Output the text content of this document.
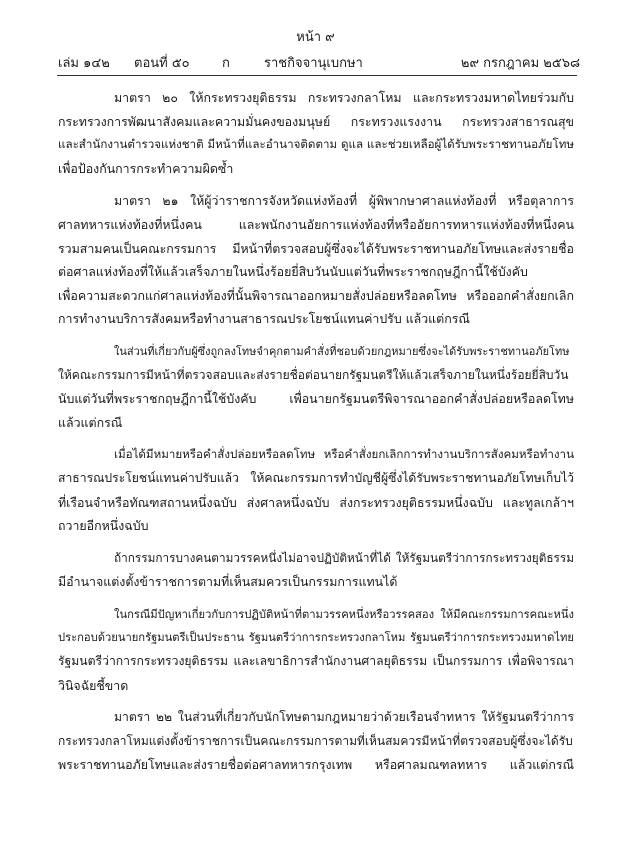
หน้า ๙
เล่ม ๑๔๒ ตอนที่ ๕๐ ก	ราชกิจจานุเบกษา	๒๙ กรกฎาคม ๒๕๖๘

มาตรา ๒๐ ให้กระทรวงยุติธรรม กระทรวงกลาโหม และกระทรวงมหาดไทยร่วมกับ
กระทรวงการพัฒนาสังคมและความมั่นคงของมนุษย์ กระทรวงแรงงาน กระทรวงสาธารณสุข
และสำนักงานตำรวจแห่งชาติ มีหน้าที่และอำนาจติดตาม ดูแล และช่วยเหลือผู้ได้รับพระราชทานอภัยโทษ
เพื่อป้องกันการกระทำความผิดซ้ำ

มาตรา ๒๑ ให้ผู้ว่าราชการจังหวัดแห่งท้องที่ ผู้พิพากษาศาลแห่งท้องที่ หรือตุลาการ
ศาลทหารแห่งท้องที่หนึ่งคน และพนักงานอัยการแห่งท้องที่หรืออัยการทหารแห่งท้องที่หนึ่งคน
รวมสามคนเป็นคณะกรรมการ มีหน้าที่ตรวจสอบผู้ซึ่งจะได้รับพระราชทานอภัยโทษและส่งรายชื่อ
ต่อศาลแห่งท้องที่ให้แล้วเสร็จภายในหนึ่งร้อยยี่สิบวันนับแต่วันที่พระราชกฤษฎีกานี้ใช้บังคับ
เพื่อความสะดวกแก่ศาลแห่งท้องที่นั้นพิจารณาออกหมายสั่งปล่อยหรือลดโทษ หรือออกคำสั่งยกเลิก
การทำงานบริการสังคมหรือทำงานสาธารณประโยชน์แทนค่าปรับ แล้วแต่กรณี

ในส่วนที่เกี่ยวกับผู้ซึ่งถูกลงโทษจำคุกตามคำสั่งที่ชอบด้วยกฎหมายซึ่งจะได้รับพระราชทานอภัยโทษ
ให้คณะกรรมการมีหน้าที่ตรวจสอบและส่งรายชื่อต่อนายกรัฐมนตรีให้แล้วเสร็จภายในหนึ่งร้อยยี่สิบวัน
นับแต่วันที่พระราชกฤษฎีกานี้ใช้บังคับ เพื่อนายกรัฐมนตรีพิจารณาออกคำสั่งปล่อยหรือลดโทษ
แล้วแต่กรณี

เมื่อได้มีหมายหรือคำสั่งปล่อยหรือลดโทษ หรือคำสั่งยกเลิกการทำงานบริการสังคมหรือทำงาน
สาธารณประโยชน์แทนค่าปรับแล้ว ให้คณะกรรมการทำบัญชีผู้ซึ่งได้รับพระราชทานอภัยโทษเก็บไว้
ที่เรือนจำหรือทัณฑสถานหนึ่งฉบับ ส่งศาลหนึ่งฉบับ ส่งกระทรวงยุติธรรมหนึ่งฉบับ และทูลเกล้าฯ
ถวายอีกหนึ่งฉบับ

ถ้ากรรมการบางคนตามวรรคหนึ่งไม่อาจปฏิบัติหน้าที่ได้ ให้รัฐมนตรีว่าการกระทรวงยุติธรรม
มีอำนาจแต่งตั้งข้าราชการตามที่เห็นสมควรเป็นกรรมการแทนได้

ในกรณีมีปัญหาเกี่ยวกับการปฏิบัติหน้าที่ตามวรรคหนึ่งหรือวรรคสอง ให้มีคณะกรรมการคณะหนึ่ง
ประกอบด้วยนายกรัฐมนตรีเป็นประธาน รัฐมนตรีว่าการกระทรวงกลาโหม รัฐมนตรีว่าการกระทรวงมหาดไทย
รัฐมนตรีว่าการกระทรวงยุติธรรม และเลขาธิการสำนักงานศาลยุติธรรม เป็นกรรมการ เพื่อพิจารณา
วินิจฉัยชี้ขาด

มาตรา ๒๒ ในส่วนที่เกี่ยวกับนักโทษตามกฎหมายว่าด้วยเรือนจำทหาร ให้รัฐมนตรีว่าการ
กระทรวงกลาโหมแต่งตั้งข้าราชการเป็นคณะกรรมการตามที่เห็นสมควรมีหน้าที่ตรวจสอบผู้ซึ่งจะได้รับ
พระราชทานอภัยโทษและส่งรายชื่อต่อศาลทหารกรุงเทพ หรือศาลมณฑลทหาร แล้วแต่กรณี
